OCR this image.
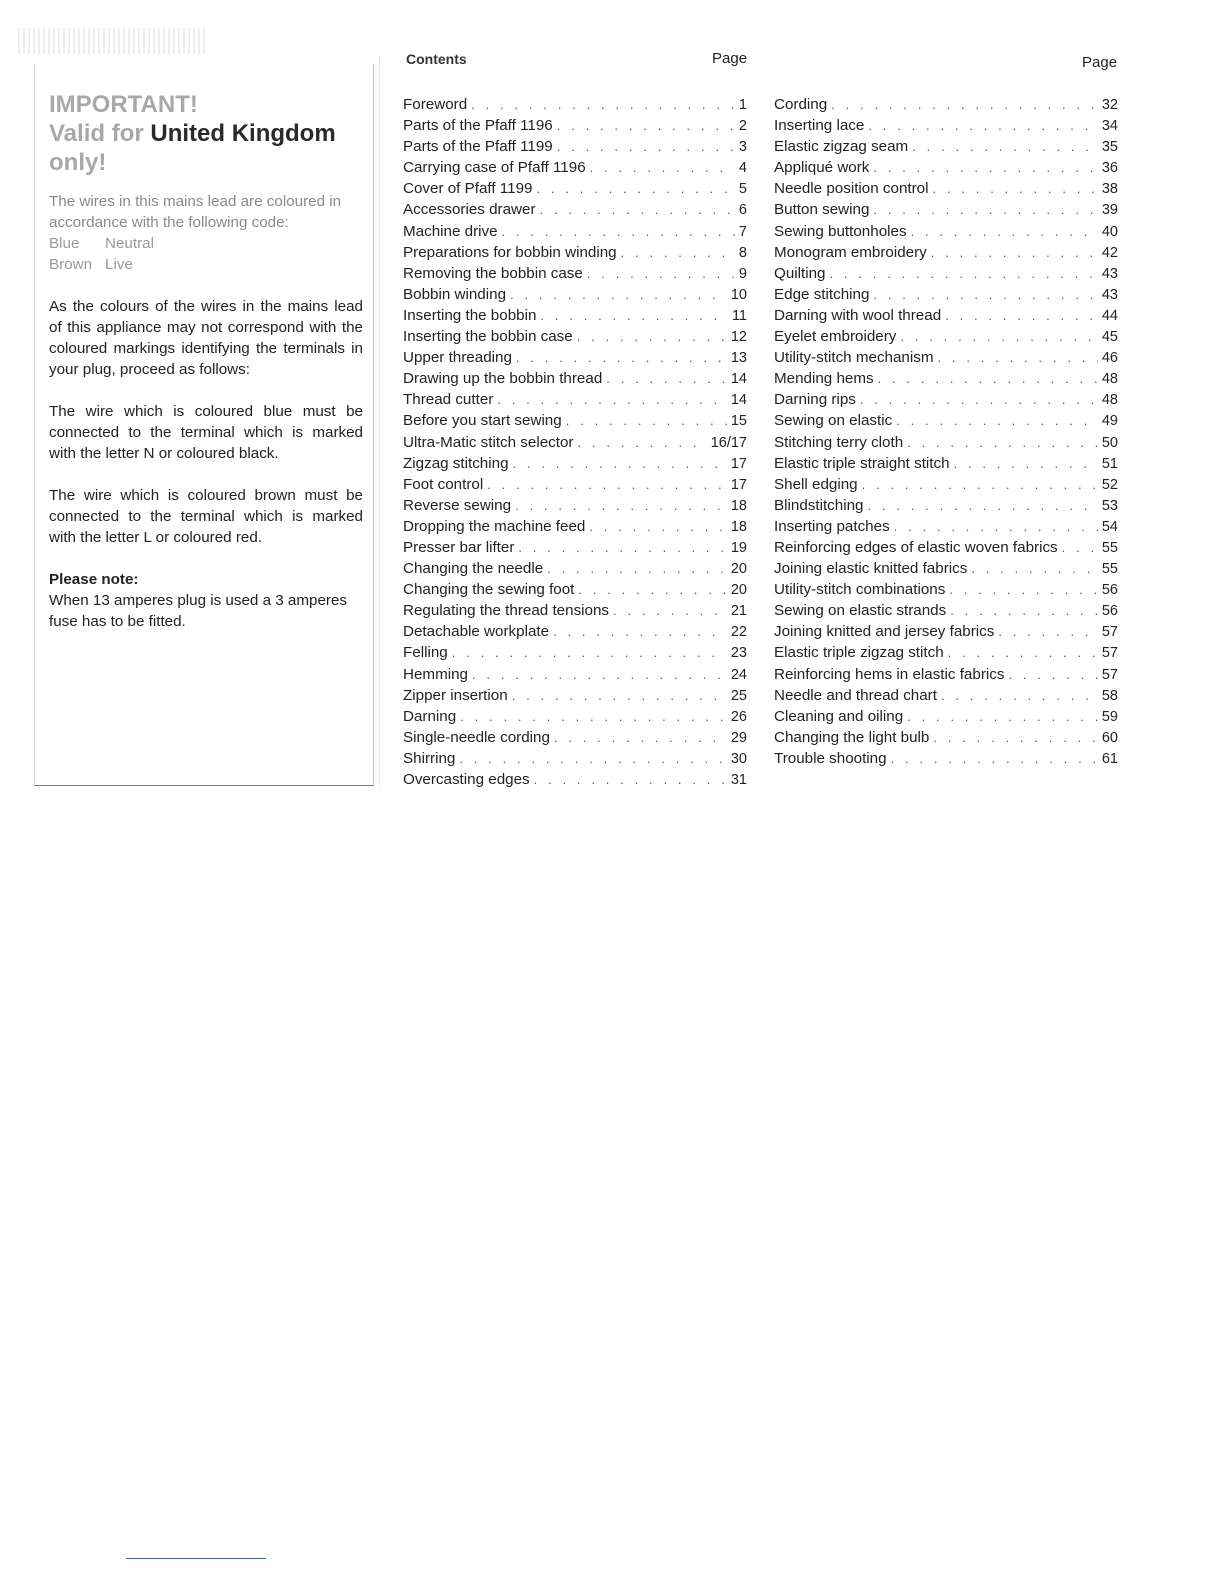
IMPORTANT!
Valid for United Kingdom
only!

The wires in this mains lead are coloured in accordance with the following code:
Blue Neutral
Brown Live

As the colours of the wires in the mains lead of this appliance may not correspond with the coloured markings identifying the terminals in your plug, proceed as follows:

The wire which is coloured blue must be connected to the terminal which is marked with the letter N or coloured black.

The wire which is coloured brown must be connected to the terminal which is marked with the letter L or coloured red.

Please note:
When 13 amperes plug is used a 3 amperes fuse has to be fitted.
Contents	Page	Page
Foreword . . .	1
Parts of the Pfaff 1196 . . .	2
Parts of the Pfaff 1199 . . .	3
Carrying case of Pfaff 1196 . . .	4
Cover of Pfaff 1199 . . .	5
Accessories drawer . . .	6
Machine drive . . .	7
Preparations for bobbin winding . . .	8
Removing the bobbin case . . .	9
Bobbin winding . . .	10
Inserting the bobbin . . .	11
Inserting the bobbin case . . .	12
Upper threading . . .	13
Drawing up the bobbin thread . . .	14
Thread cutter . . .	14
Before you start sewing . . .	15
Ultra-Matic stitch selector . . .	16/17
Zigzag stitching . . .	17
Foot control . . .	17
Reverse sewing . . .	18
Dropping the machine feed . . .	18
Presser bar lifter . . .	19
Changing the needle . . .	20
Changing the sewing foot . . .	20
Regulating the thread tensions . . .	21
Detachable workplate . . .	22
Felling . . .	23
Hemming . . .	24
Zipper insertion . . .	25
Darning . . .	26
Single-needle cording . . .	29
Shirring . . .	30
Overcasting edges . . .	31
Cording . . .	32
Inserting lace . . .	34
Elastic zigzag seam . . .	35
Appliqué work . . .	36
Needle position control . . .	38
Button sewing . . .	39
Sewing buttonholes . . .	40
Monogram embroidery . . .	42
Quilting . . .	43
Edge stitching . . .	43
Darning with wool thread . . .	44
Eyelet embroidery . . .	45
Utility-stitch mechanism . . .	46
Mending hems . . .	48
Darning rips . . .	48
Sewing on elastic . . .	49
Stitching terry cloth . . .	50
Elastic triple straight stitch . . .	51
Shell edging . . .	52
Blindstitching . . .	53
Inserting patches . . .	54
Reinforcing edges of elastic woven fabrics . . .	55
Joining elastic knitted fabrics . . .	55
Utility-stitch combinations . . .	56
Sewing on elastic strands . . .	56
Joining knitted and jersey fabrics . . .	57
Elastic triple zigzag stitch . . .	57
Reinforcing hems in elastic fabrics . . .	57
Needle and thread chart . . .	58
Cleaning and oiling . . .	59
Changing the light bulb . . .	60
Trouble shooting . . .	61
